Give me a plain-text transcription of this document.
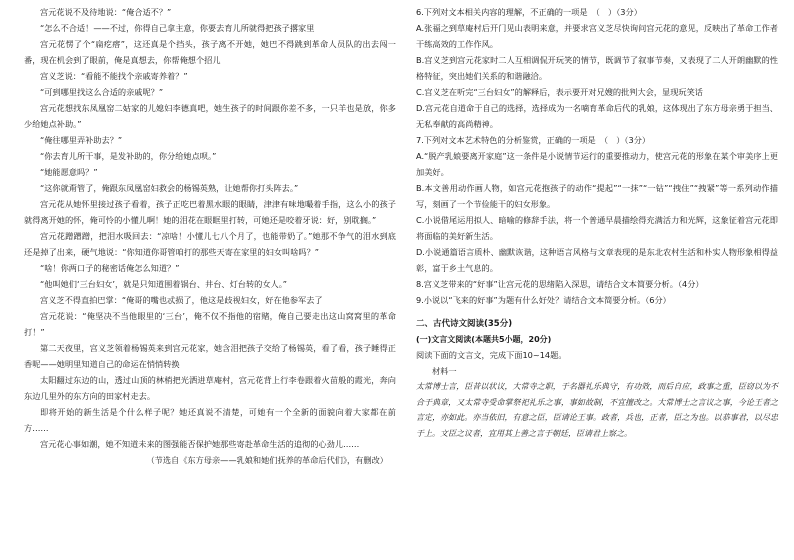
宫元花说不及待地说：“俺合适不？”

“怎么不合适！——不过，你得自己拿主意，你要去育儿所就得把孩子撂家里

宫元花愣了个“扁疙瘩”，这还真是个挡头，孩子离不开她，她巴不得跳到革命人员队的出去闯一番，现在机会到了眼前，俺是真想去，你帮俺想个招儿

宫义芝说：“看能不能找个亲戚寄养着？”

“可到哪里找这么合适的亲戚呢？”

宫元花想找东凤凰窑二姑家的儿媳妇李德真吧，她生孩子的时间跟你差不多，一只羊也是放，你多少给她点补助。”

“俺往哪里弄补助去？”

“你去育儿所干事，是发补助的，你分给她点呗。”

“她能愿意吗？”

“这你就甭管了，俺跟东凤凰窑妇救会的杨锡英熟，让她帮你打头阵去。”

宫元花从她怀里接过孩子看着，孩子正吃巴着黑水眼的眼睛，津津有味地嘬着手指，这么小的孩子就得离开她的怀，俺可怜的小懂儿啊！她的泪花在眼眶里打转，可她还是咬着牙说：好，别耽搁。”

宫元花蹭蹭蹭，把泪水吸回去：“凉啥！小懂儿七八个月了，也能带奶了。”她那不争气的泪水到底还是掉了出来，硬气地说：“你知道你哥管咱打的那些天寄在家里的妇女叫啥吗？”

“啥！你两口子的秘密话俺怎么知道？”

“他叫她们‘三台妇女’，就是只知道围着锅台、井台、灯台转的女人。”

宫义芝不得直拍巴掌：“俺哥的嘴也忒损了，他这是歧视妇女，好在他参军去了

宫元花说：“俺坚决不当他眼里的‘三台’，俺不仅不指他的宿赌，俺自己要走出这山窝窝里的革命打！”

第二天夜里，宫义芝领着杨锡英来到宫元花家，她含泪把孩子交给了杨锡英，看了看，孩子睡得正香呢——她明里知道自己的命运在悄悄转换

太阳翻过东边的山，透过山顶的林梢把光洒进草庵村，宫元花背上行李卷跟着火苗般的霞光，奔向东边几里外的东方向的田家村走去。

即将开始的新生活是个什么样子呢？她还真说不清楚，可她有一个全新的面貌向着大家都在前方……

宫元花心事如潮，她不知道未来的图强能否保护她那些寄赴革命生活的追彻的心劲儿……

（节选自《东方母亲——乳娘和她们抚养的革命后代们》，有删改）

6.下列对文本相关内容的理解，不正确的一项是　（　）（3分）

A.张福之到草庵村后开门见山表明来意，并要求宫义芝尽快询问宫元花的意见，反映出了革命工作者干练高效的工作作风。

B.宫义芝到宫元花家时二人互相调侃开玩笑的情节，既调节了叙事节奏，又表现了二人开朗幽默的性格特征，突出她们关系的和谐融洽。

C.宫义芝在听完“三台妇女”的解释后，表示要开对兄嫂的批判大会，显现玩笑话

D.宫元花自道命于自己的选择，选择成为一名嘀育革命后代的乳娘，这体现出了东方母亲勇于担当、无私奉献的高尚精神。

7.下列对文本艺术特色的分析鉴赏，正确的一项是　（　）（3分）

A.“脱产乳娘要离开家庭”这一条件是小说情节运行的重要推动力，使宫元花的形象在某个审美序上更加美好。

B.本文善用动作画人物，如宫元花抱孩子的动作“提起”“一抹”“一钻”“拽住”“拽紧”等一系列动作描写，刻画了一个节俭能干的妇女形象。

C.小说借尾运用拟人、暗喻的修辞手法，将一个普通早晨描绘得充满活力和光辉，这象征着宫元花即将面临的美好新生活。

D.小说通篇语言质朴、幽默诙谐，这种语言风格与文章表现的是东北农村生活和朴实人物形象相得益彰，富于乡土气息的。

8.宫义芝带来的“好事”让宫元花的思绪陷入深思，请结合文本简要分析。（4分）

9.小说以“飞来的好事”为题有什么好处？请结合文本简要分析。（6分）

二、古代诗文阅读(35分)

(一)文言文阅读(本题共5小题，20分)

阅读下面的文言文，完成下面10~14题。

材料一

太常博士言，臣昔以状议，大常寺之职，于名器礼乐典守，有功效，而后自应，政事之重，臣窃以为不合于典章，又太常寺受命掌祭祀礼乐之事，事如故制，不宜擅改之。大常博士之言议之事，今论王者之言定，亦如此。亦当依旧，有意之臣，臣请论王事。政者，兵也，正者，臣之为也。以恭事君，以尽忠于上。文臣之议者，宜用其上善之言于朝廷，臣请君上察之。
